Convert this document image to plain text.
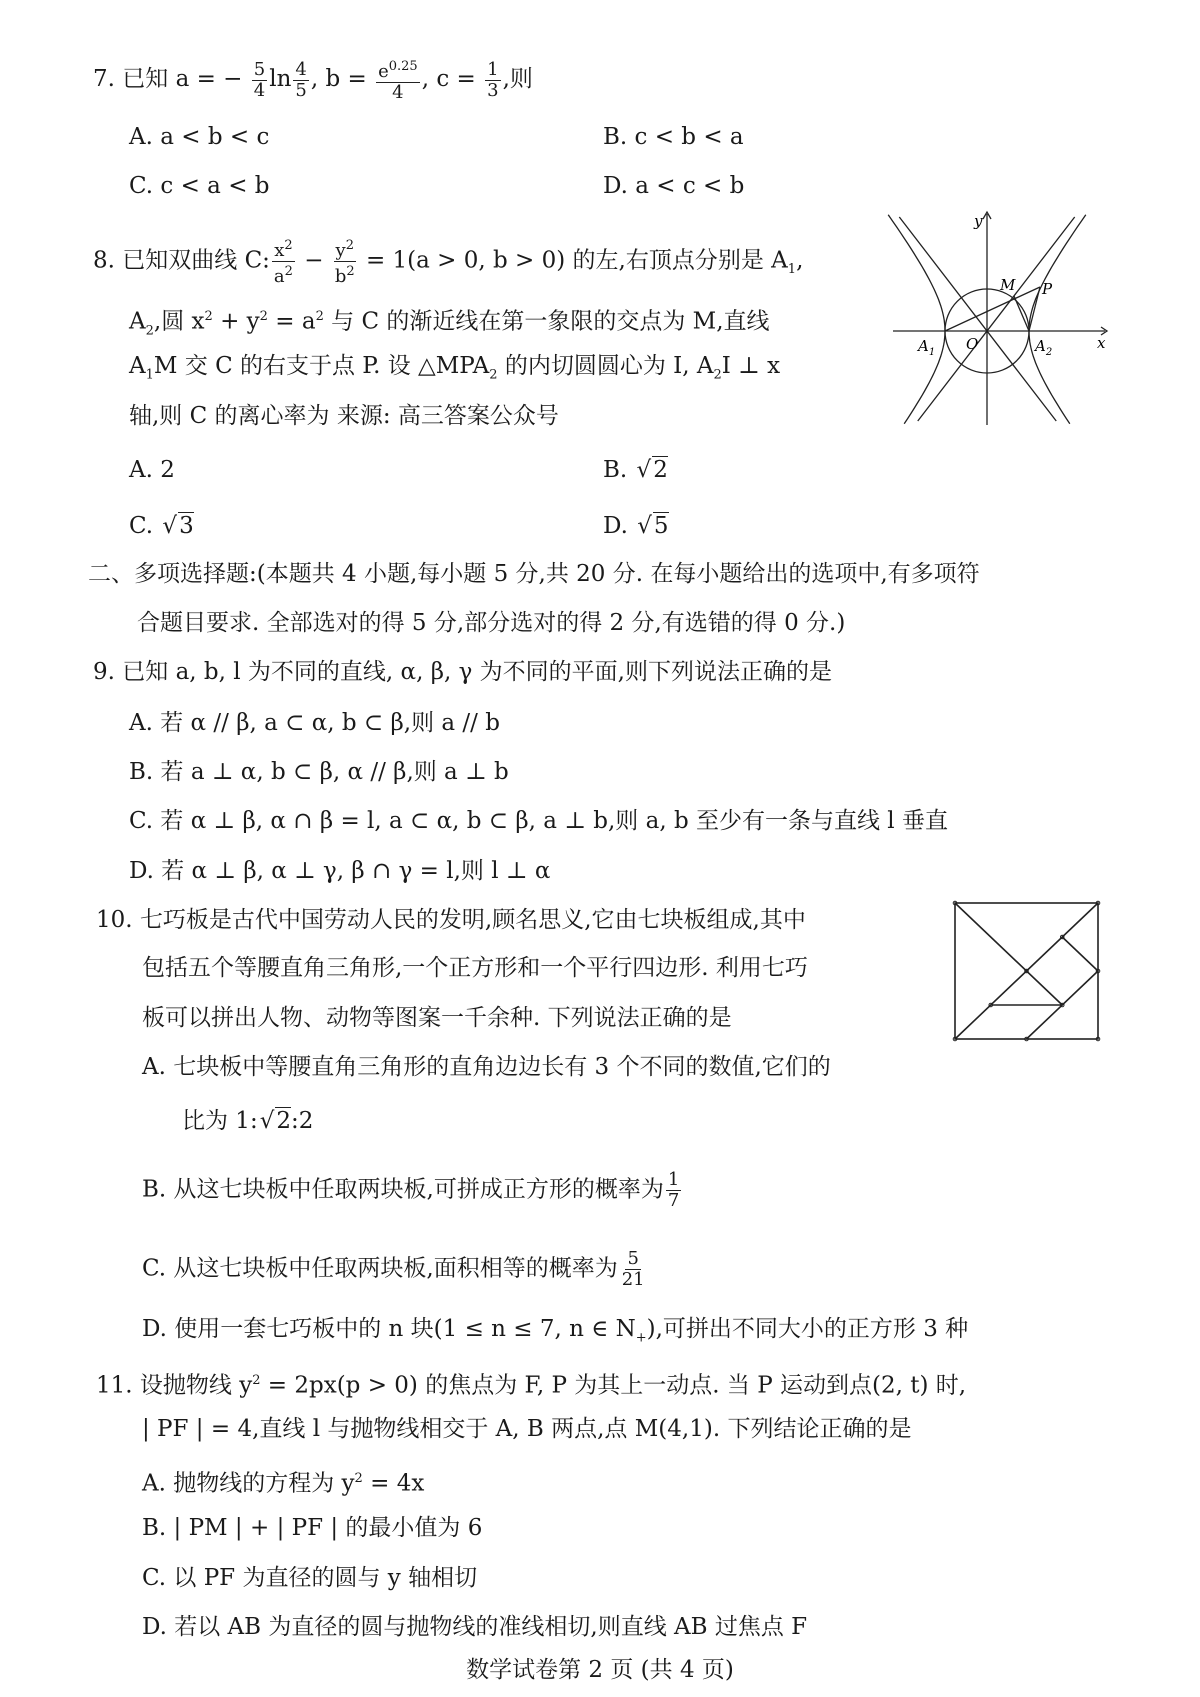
7. 已知 a = − $\frac{5}{4}$ $\ln \frac{4}{5}$ , $b = \frac{e^{0.25}}{4}$ , $c = \frac{1}{3}$ ,则
A. a < b < c	B. c < b < a
C. c < a < b	D. a < c < b
8. 已知双曲线 C: $\frac{x^2}{a^2} - \frac{y^2}{b^2} = 1(a > 0$, b > 0) 的左,右顶点分别是 $A_1$,
$A_2$,圆 $x^2 + y^2 = a^2$ 与 C 的渐近线在第一象限的交点为 M,直线
$A_1M$ 交 C 的右支于点 P. 设 $\triangle MPA_2$ 的内切圆圆心为 I, $A_2I$ ⊥ x
轴,则 C 的离心率为 来源: 高三答案公众号
A. 2	B. √2
C. √3	D. √5
二、多项选择题:(本题共 4 小题,每小题 5 分,共 20 分. 在每小题给出的选项中,有多项符
合题目要求. 全部选对的得 5 分,部分选对的得 2 分,有选错的得 0 分.)
9. 已知 a, b, l 为不同的直线, α, β, γ 为不同的平面,则下列说法正确的是
A. 若 α // β, a ⊂ α, b ⊂ β,则 a // b
B. 若 a ⊥ α, b ⊂ β, α // β,则 a ⊥ b
C. 若 α ⊥ β, α ∩ β = l, a ⊂ α, b ⊂ β, a ⊥ b,则 a, b 至少有一条与直线 l 垂直
D. 若 α ⊥ β, α ⊥ γ, β ∩ γ = l,则 l ⊥ α
10. 七巧板是古代中国劳动人民的发明,顾名思义,它由七块板组成,其中
包括五个等腰直角三角形,一个正方形和一个平行四边形. 利用七巧
板可以拼出人物、动物等图案一千余种. 下列说法正确的是
A. 七块板中等腰直角三角形的直角边边长有 3 个不同的数值,它们的
比为 1:√2:2
B. 从这七块板中任取两块板,可拼成正方形的概率为 $\frac{1}{7}$
C. 从这七块板中任取两块板,面积相等的概率为 $\frac{5}{21}$
D. 使用一套七巧板中的 n 块(1 ≤ n ≤ 7, n ∈ $N_+$),可拼出不同大小的正方形 3 种
11. 设抛物线 $y^2 = 2px(p > 0)$ 的焦点为 F, P 为其上一动点. 当 P 运动到点(2, t) 时,
| PF | = 4,直线 l 与抛物线相交于 A, B 两点,点 M(4,1). 下列结论正确的是
A. 抛物线的方程为 $y^2 = 4x$
B. | PM | + | PF | 的最小值为 6
C. 以 PF 为直径的圆与 y 轴相切
D. 若以 AB 为直径的圆与抛物线的准线相切,则直线 AB 过焦点 F
数学试卷第 2 页 (共 4 页)
y
x
M P
O
$A_1$	$A_2$
